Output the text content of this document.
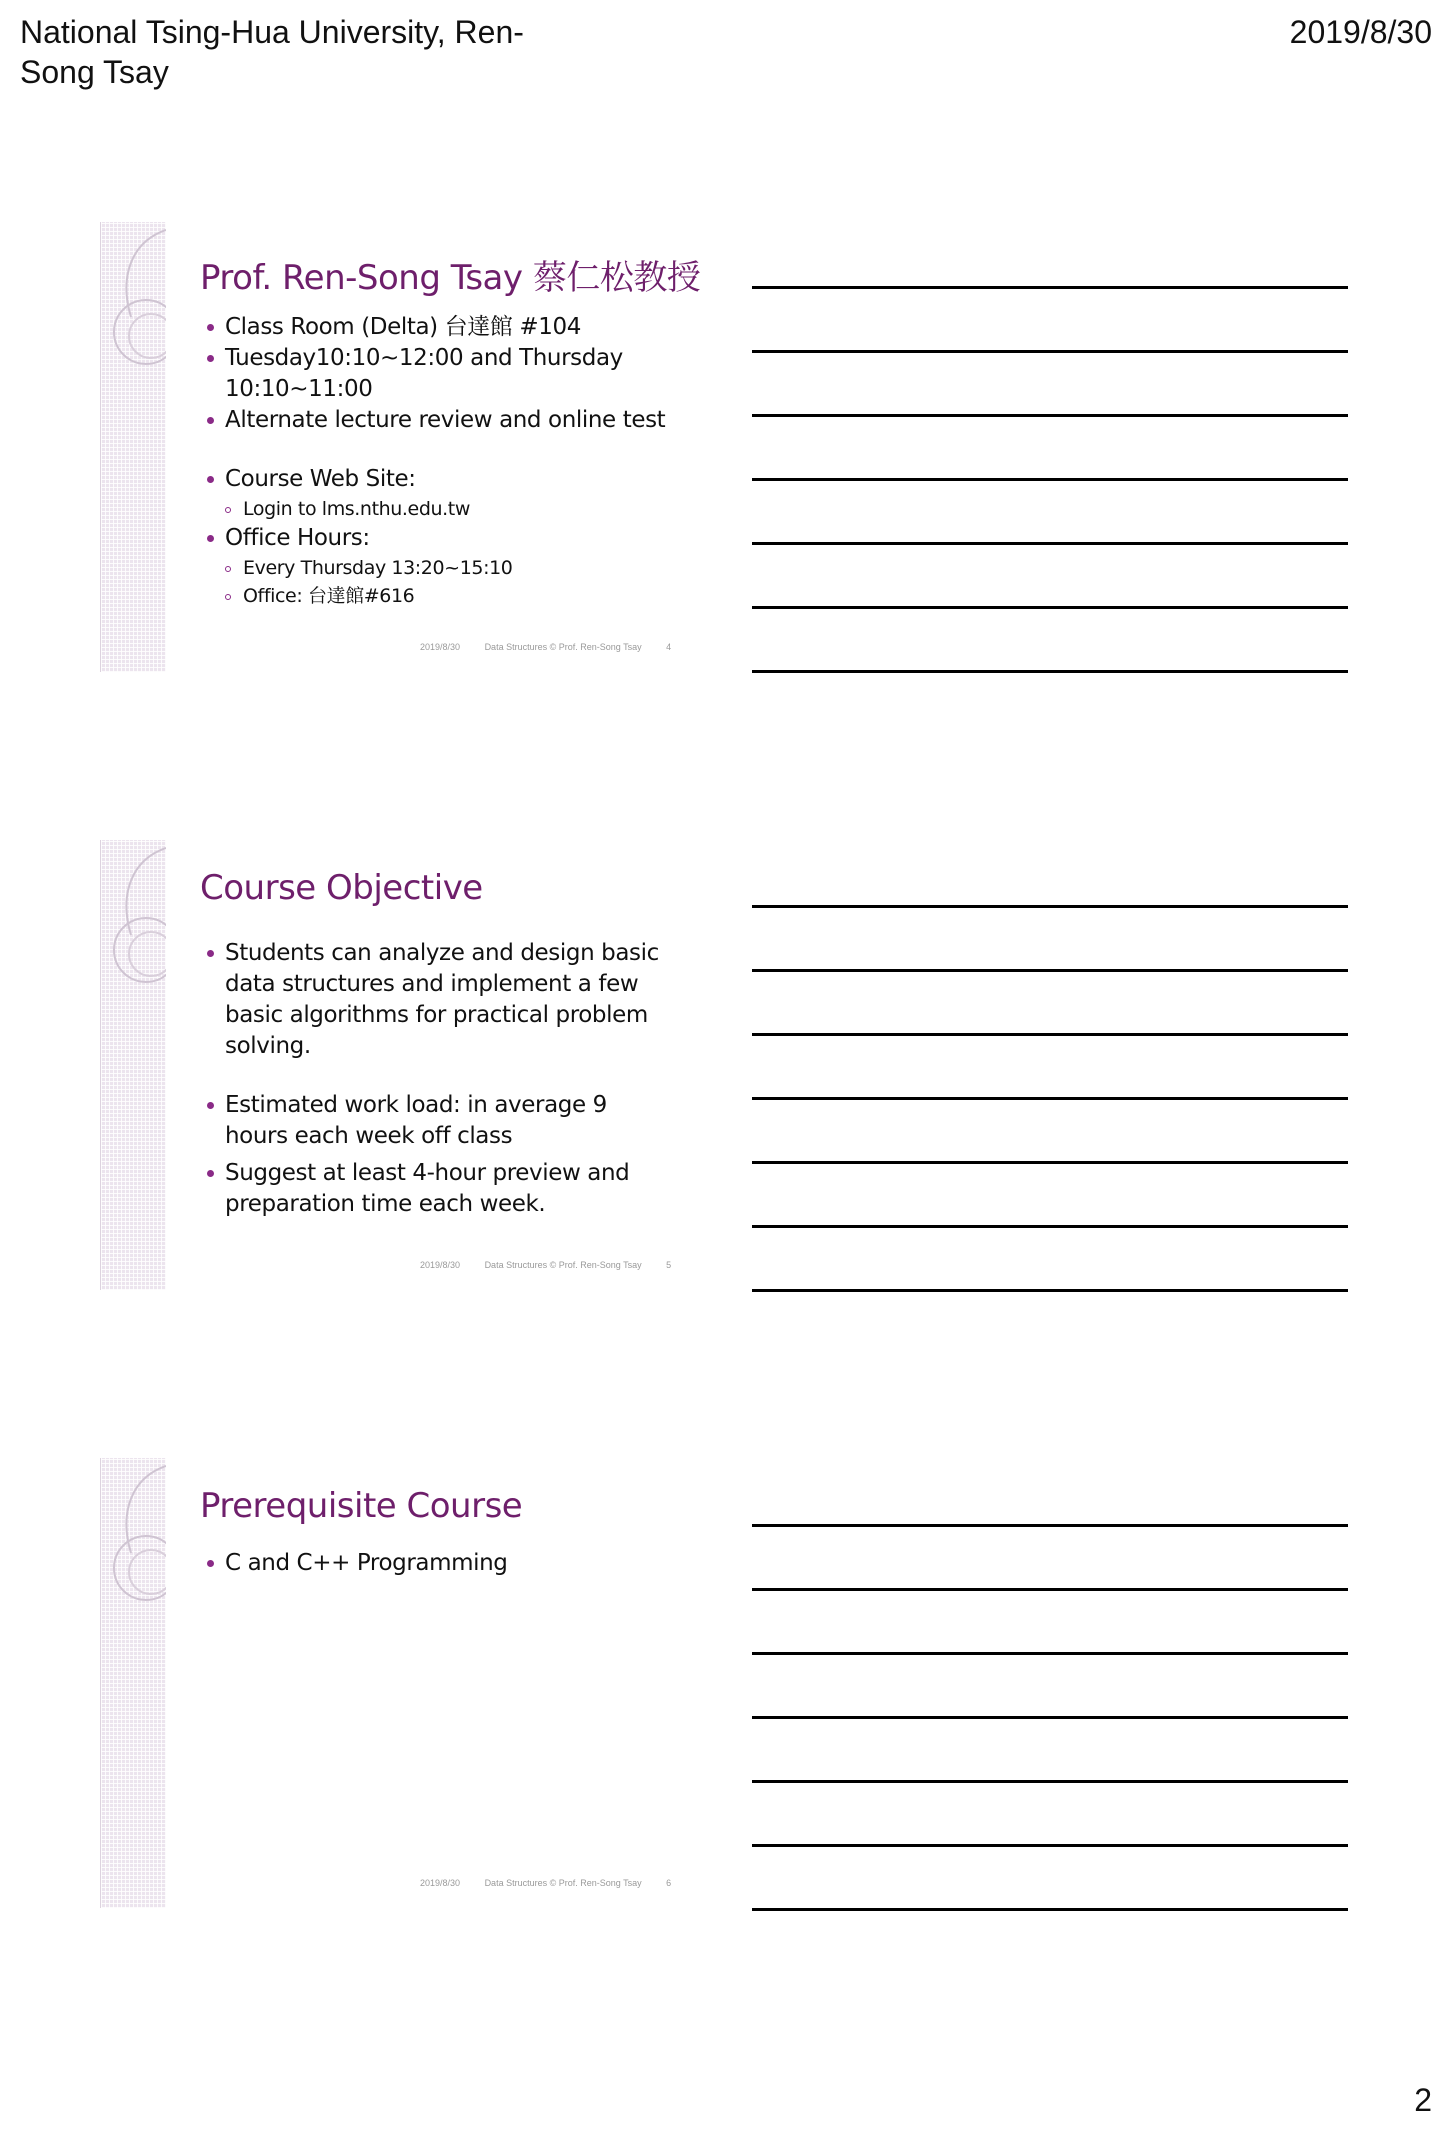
National Tsing-Hua University, Ren-Song Tsay
2019/8/30
Prof. Ren-Song Tsay 蔡仁松教授
Class Room (Delta) 台達館 #104
Tuesday10:10~12:00 and Thursday 10:10~11:00
Alternate lecture review and online test
Course Web Site:
Login to lms.nthu.edu.tw
Office Hours:
Every Thursday 13:20~15:10
Office: 台達館#616
2019/8/30	Data Structures © Prof. Ren-Song Tsay	4
Course Objective
Students can analyze and design basic data structures and implement a few basic algorithms for practical problem solving.
Estimated work load: in average 9 hours each week off class
Suggest at least 4-hour preview and preparation time each week.
2019/8/30	Data Structures © Prof. Ren-Song Tsay	5
Prerequisite Course
C and C++ Programming
2019/8/30	Data Structures © Prof. Ren-Song Tsay	6
2
